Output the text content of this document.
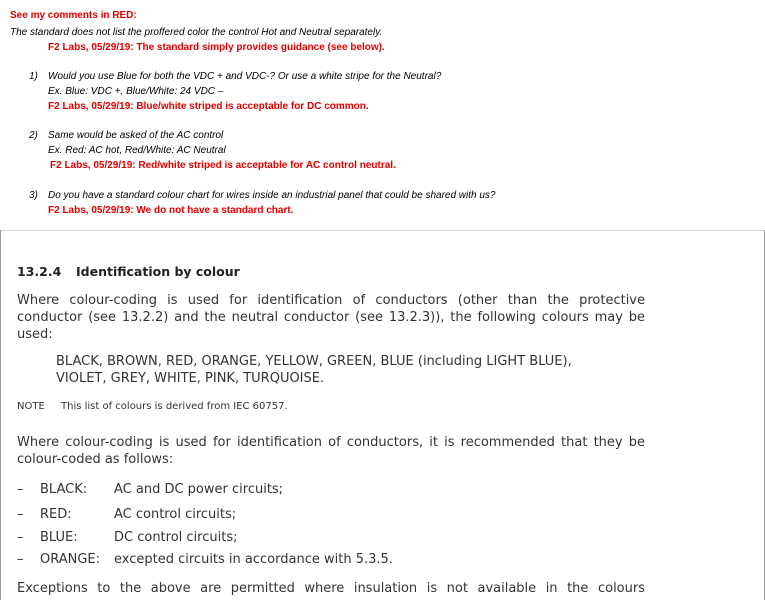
See my comments in RED:
The standard does not list the proffered color the control Hot and Neutral separately.
F2 Labs, 05/29/19: The standard simply provides guidance (see below).
1) Would you use Blue for both the VDC + and VDC-? Or use a white stripe for the Neutral?
Ex. Blue: VDC +, Blue/White: 24 VDC –
F2 Labs, 05/29/19: Blue/white striped is acceptable for DC common.
2) Same would be asked of the AC control
Ex. Red: AC hot, Red/White: AC Neutral
F2 Labs, 05/29/19: Red/white striped is acceptable for AC control neutral.
3) Do you have a standard colour chart for wires inside an industrial panel that could be shared with us?
F2 Labs, 05/29/19: We do not have a standard chart.
13.2.4 Identification by colour
Where colour-coding is used for identification of conductors (other than the protective
conductor (see 13.2.2) and the neutral conductor (see 13.2.3)), the following colours may be
used:
BLACK, BROWN, RED, ORANGE, YELLOW, GREEN, BLUE (including LIGHT BLUE),
VIOLET, GREY, WHITE, PINK, TURQUOISE.
NOTE This list of colours is derived from IEC 60757.
Where colour-coding is used for identification of conductors, it is recommended that they be
colour-coded as follows:
– BLACK: AC and DC power circuits;
– RED:	AC control circuits;
– BLUE:	DC control circuits;
– ORANGE: excepted circuits in accordance with 5.3.5.
Exceptions to the above are permitted where insulation is not available in the colours
